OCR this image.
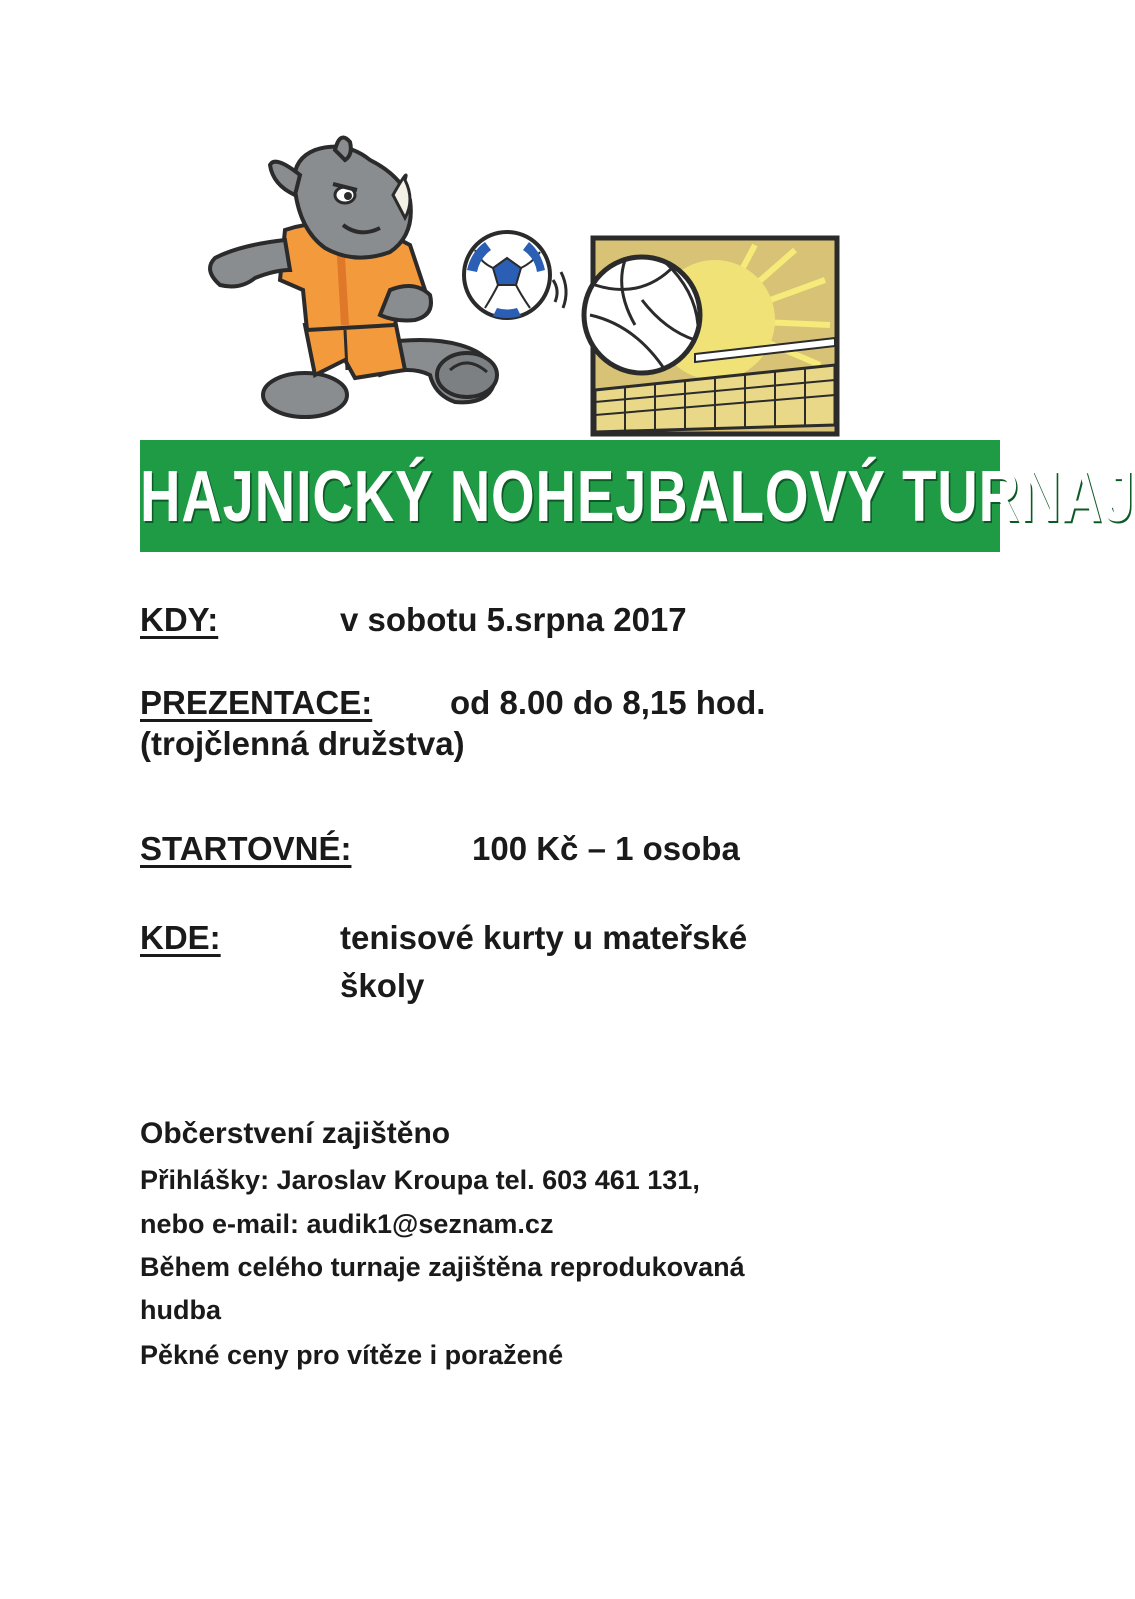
HAJNICKÝ NOHEJBALOVÝ TURNAJ
KDY:	v sobotu 5.srpna 2017
PREZENTACE: od 8.00 do 8,15 hod.
(trojčlenná družstva)
STARTOVNÉ:	100 Kč – 1 osoba
KDE:	tenisové kurty u mateřské
školy
Občerstvení zajištěno
Přihlášky: Jaroslav Kroupa tel. 603 461 131,
nebo e-mail: audik1@seznam.cz
Během celého turnaje zajištěna reprodukovaná
hudba
Pěkné ceny pro vítěze i poražené
